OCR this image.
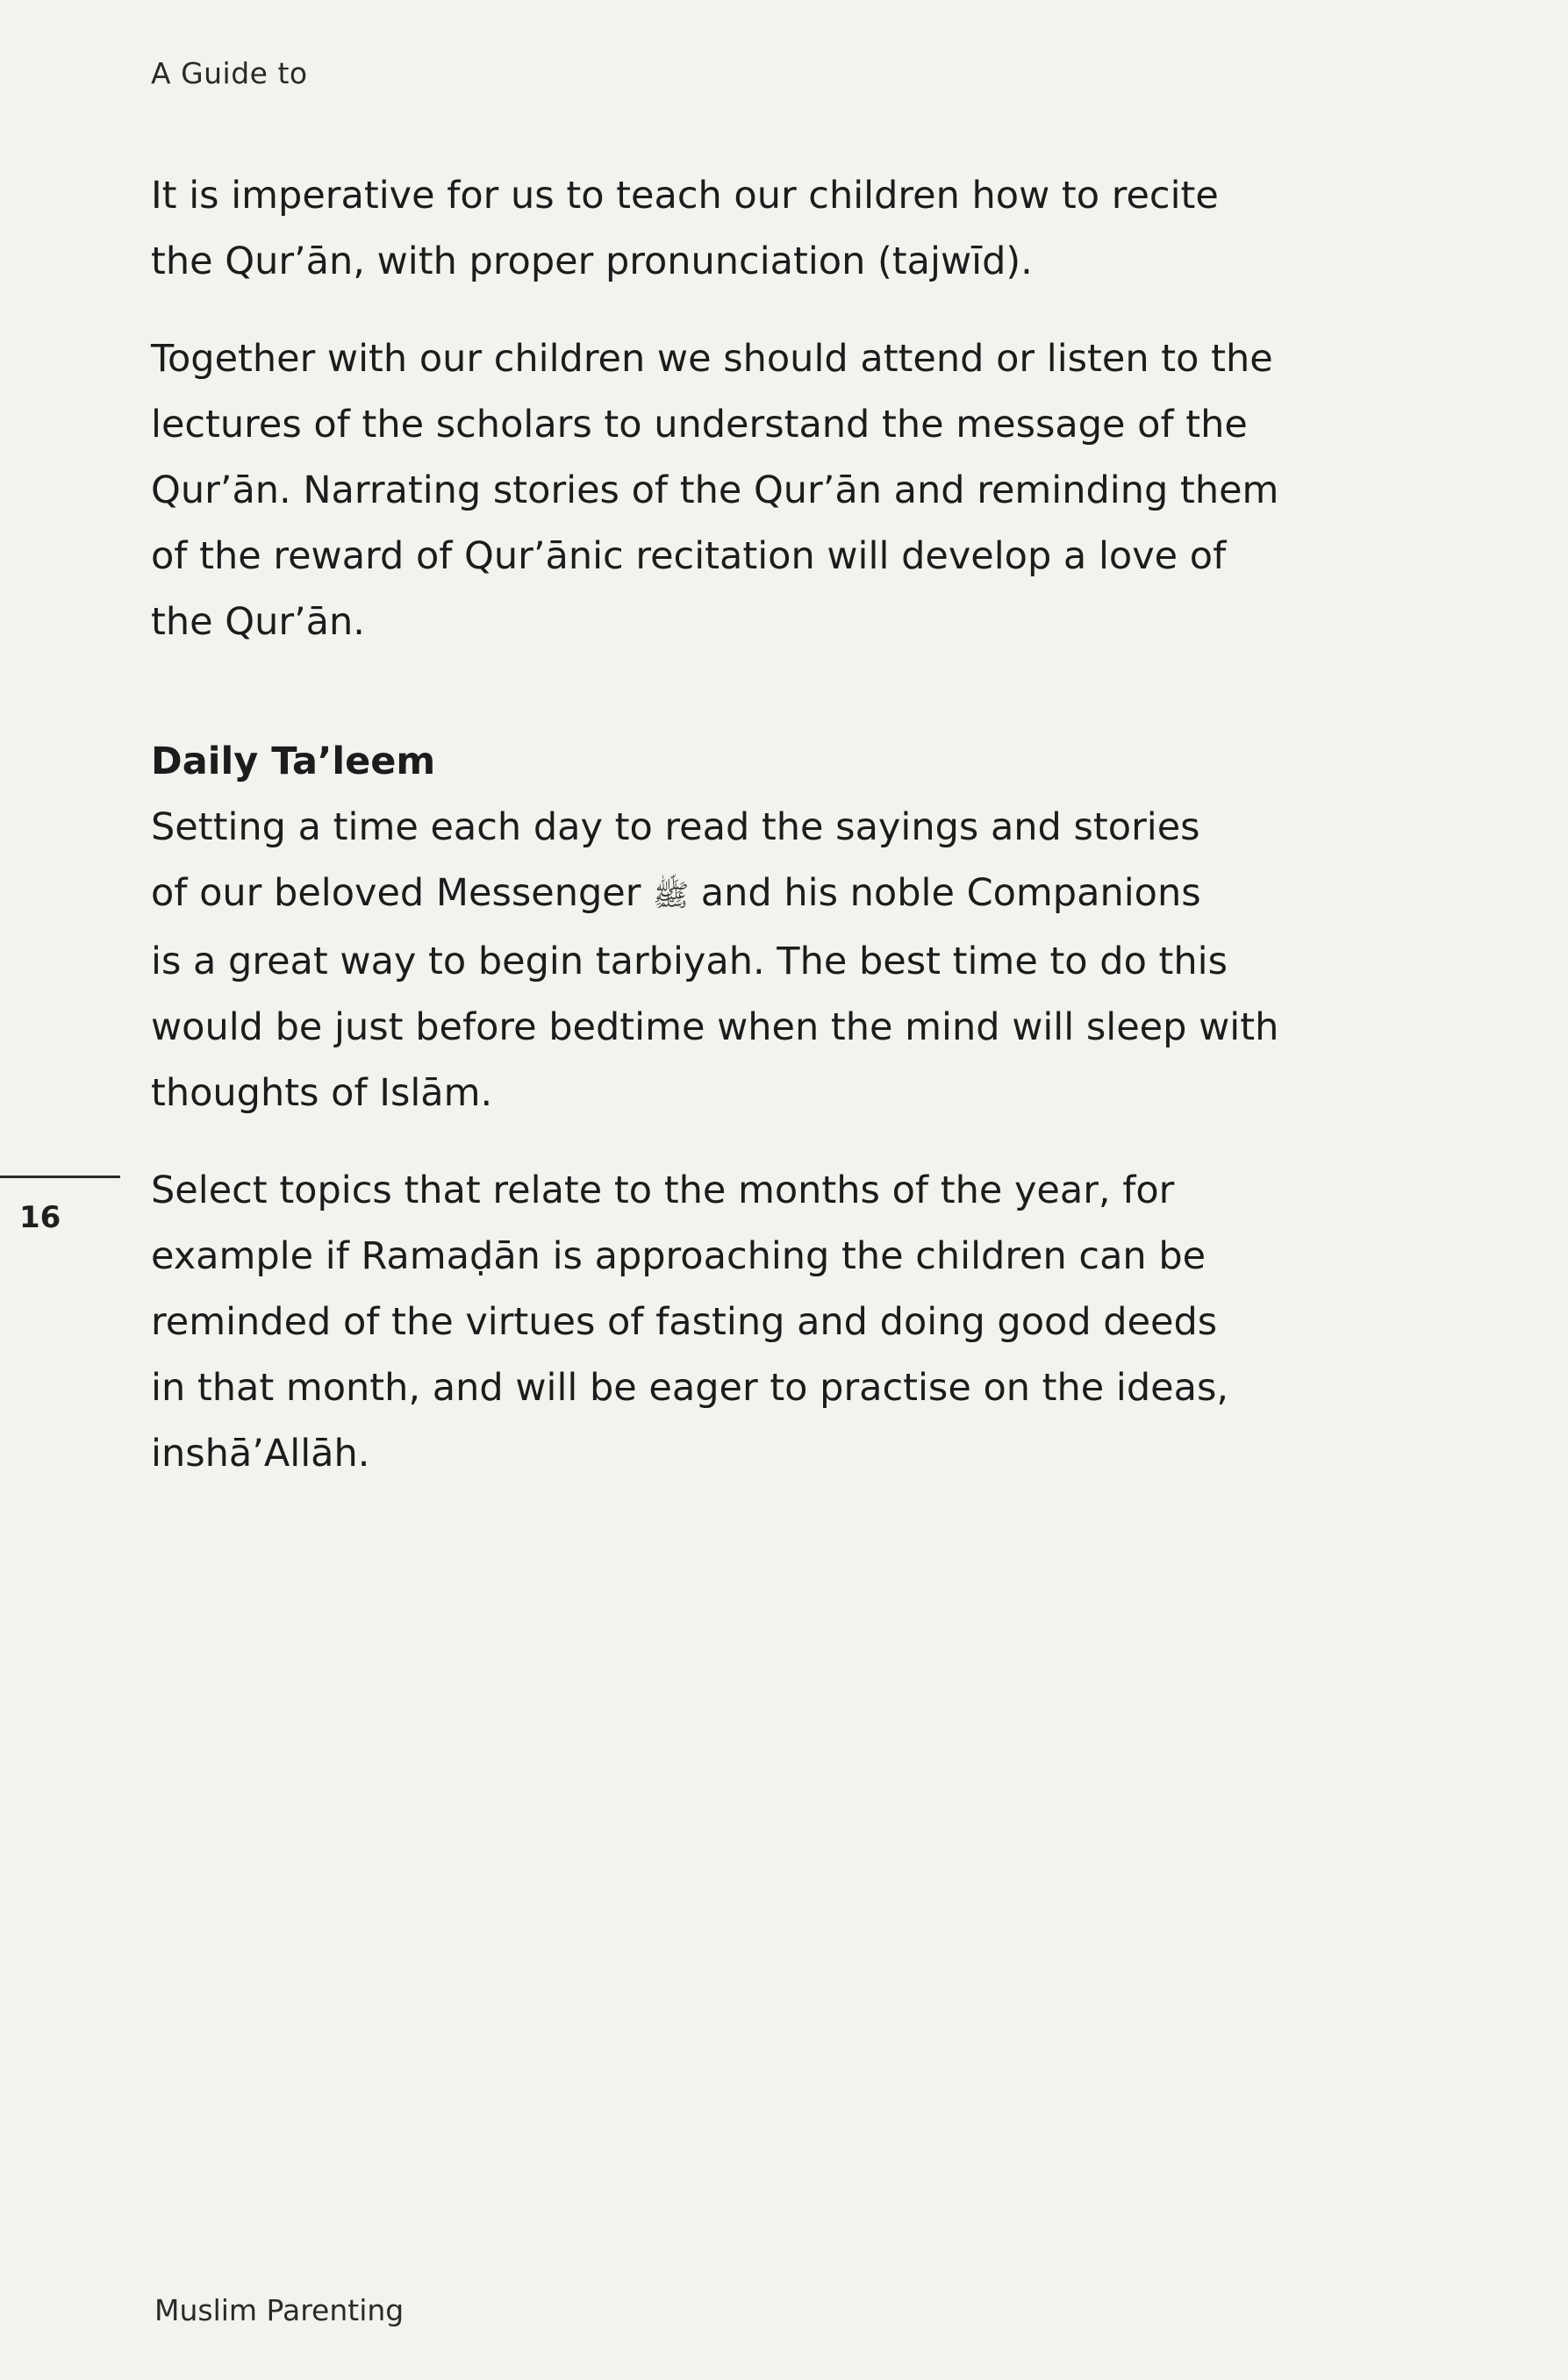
A Guide to

It is imperative for us to teach our children how to recite
the Qur’ān, with proper pronunciation (tajwīd).

Together with our children we should attend or listen to the
lectures of the scholars to understand the message of the
Qur’ān. Narrating stories of the Qur’ān and reminding them
of the reward of Qur’ānic recitation will develop a love of
the Qur’ān.

Daily Ta’leem

Setting a time each day to read the sayings and stories
of our beloved Messenger ﷺ and his noble Companions
is a great way to begin tarbiyah. The best time to do this
would be just before bedtime when the mind will sleep with
thoughts of Islām.

Select topics that relate to the months of the year, for
example if Ramaḍān is approaching the children can be
reminded of the virtues of fasting and doing good deeds
in that month, and will be eager to practise on the ideas,
inshā’Allāh.

16
Muslim Parenting
